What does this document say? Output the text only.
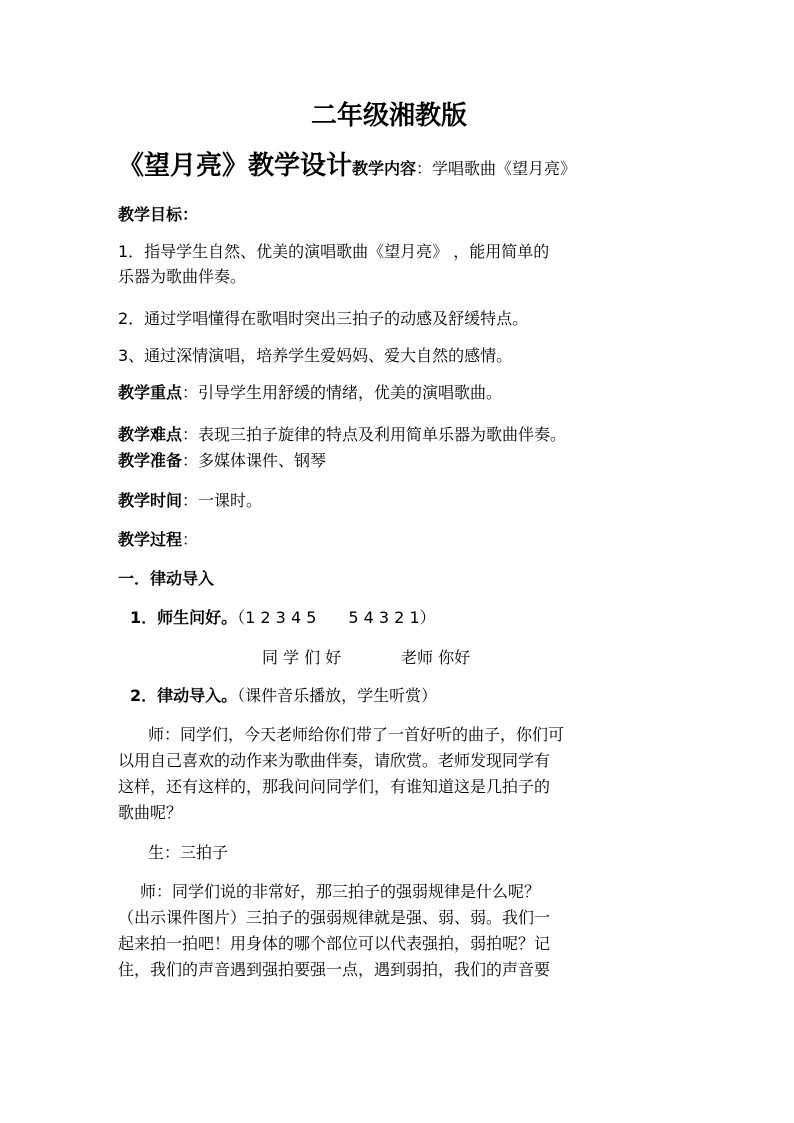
二年级湘教版
《望月亮》教学设计教学内容：学唱歌曲《望月亮》
教学目标：
1．指导学生自然、优美的演唱歌曲《望月亮》 ，能用简单的
乐器为歌曲伴奏。
2．通过学唱懂得在歌唱时突出三拍子的动感及舒缓特点。
3、通过深情演唱，培养学生爱妈妈、爱大自然的感情。
教学重点：引导学生用舒缓的情绪，优美的演唱歌曲。
教学难点：表现三拍子旋律的特点及利用简单乐器为歌曲伴奏。
教学准备：多媒体课件、钢琴
教学时间：一课时。
教学过程：
一．律动导入
1．师生问好。（1 2 3 4 5　　5 4 3 2 1）
同 学 们 好	老师 你好
2．律动导入。（课件音乐播放，学生听赏）
师：同学们，今天老师给你们带了一首好听的曲子，你们可
以用自己喜欢的动作来为歌曲伴奏，请欣赏。老师发现同学有
这样，还有这样的，那我问问同学们，有谁知道这是几拍子的
歌曲呢？
生：三拍子
师：同学们说的非常好，那三拍子的强弱规律是什么呢？
（出示课件图片）三拍子的强弱规律就是强、弱、弱。我们一
起来拍一拍吧！用身体的哪个部位可以代表强拍，弱拍呢？记
住，我们的声音遇到强拍要强一点，遇到弱拍，我们的声音要
